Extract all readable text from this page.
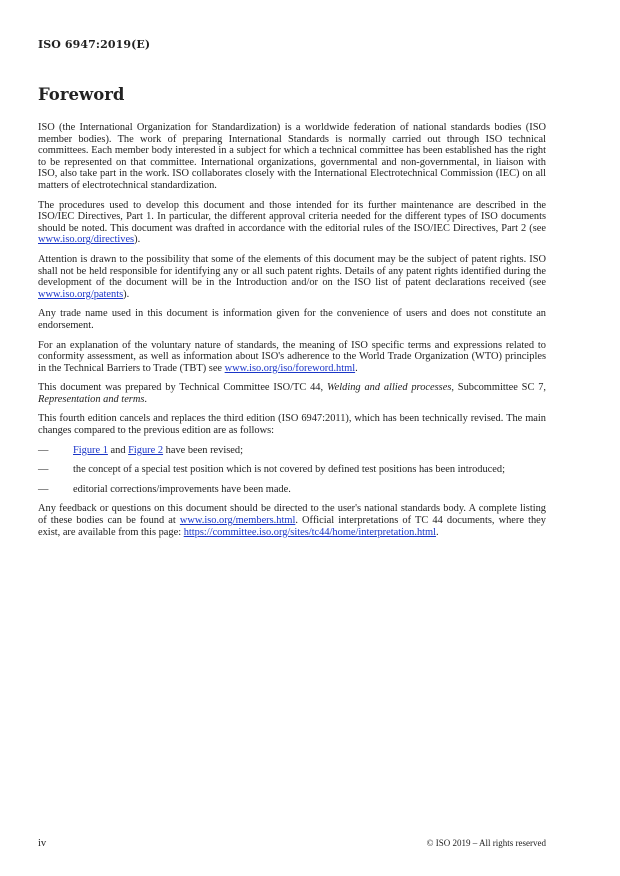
ISO 6947:2019(E)
Foreword

ISO (the International Organization for Standardization) is a worldwide federation of national standards bodies (ISO member bodies). The work of preparing International Standards is normally carried out through ISO technical committees. Each member body interested in a subject for which a technical committee has been established has the right to be represented on that committee. International organizations, governmental and non-governmental, in liaison with ISO, also take part in the work. ISO collaborates closely with the International Electrotechnical Commission (IEC) on all matters of electrotechnical standardization.

The procedures used to develop this document and those intended for its further maintenance are described in the ISO/IEC Directives, Part 1. In particular, the different approval criteria needed for the different types of ISO documents should be noted. This document was drafted in accordance with the editorial rules of the ISO/IEC Directives, Part 2 (see www.iso.org/directives).

Attention is drawn to the possibility that some of the elements of this document may be the subject of patent rights. ISO shall not be held responsible for identifying any or all such patent rights. Details of any patent rights identified during the development of the document will be in the Introduction and/or on the ISO list of patent declarations received (see www.iso.org/patents).

Any trade name used in this document is information given for the convenience of users and does not constitute an endorsement.

For an explanation of the voluntary nature of standards, the meaning of ISO specific terms and expressions related to conformity assessment, as well as information about ISO's adherence to the World Trade Organization (WTO) principles in the Technical Barriers to Trade (TBT) see www.iso.org/iso/foreword.html.

This document was prepared by Technical Committee ISO/TC 44, Welding and allied processes, Subcommittee SC 7, Representation and terms.

This fourth edition cancels and replaces the third edition (ISO 6947:2011), which has been technically revised. The main changes compared to the previous edition are as follows:

—	Figure 1 and Figure 2 have been revised;
—	the concept of a special test position which is not covered by defined test positions has been introduced;
—	editorial corrections/improvements have been made.

Any feedback or questions on this document should be directed to the user's national standards body. A complete listing of these bodies can be found at www.iso.org/members.html. Official interpretations of TC 44 documents, where they exist, are available from this page: https://committee.iso.org/sites/tc44/home/interpretation.html.

iv	© ISO 2019 – All rights reserved
